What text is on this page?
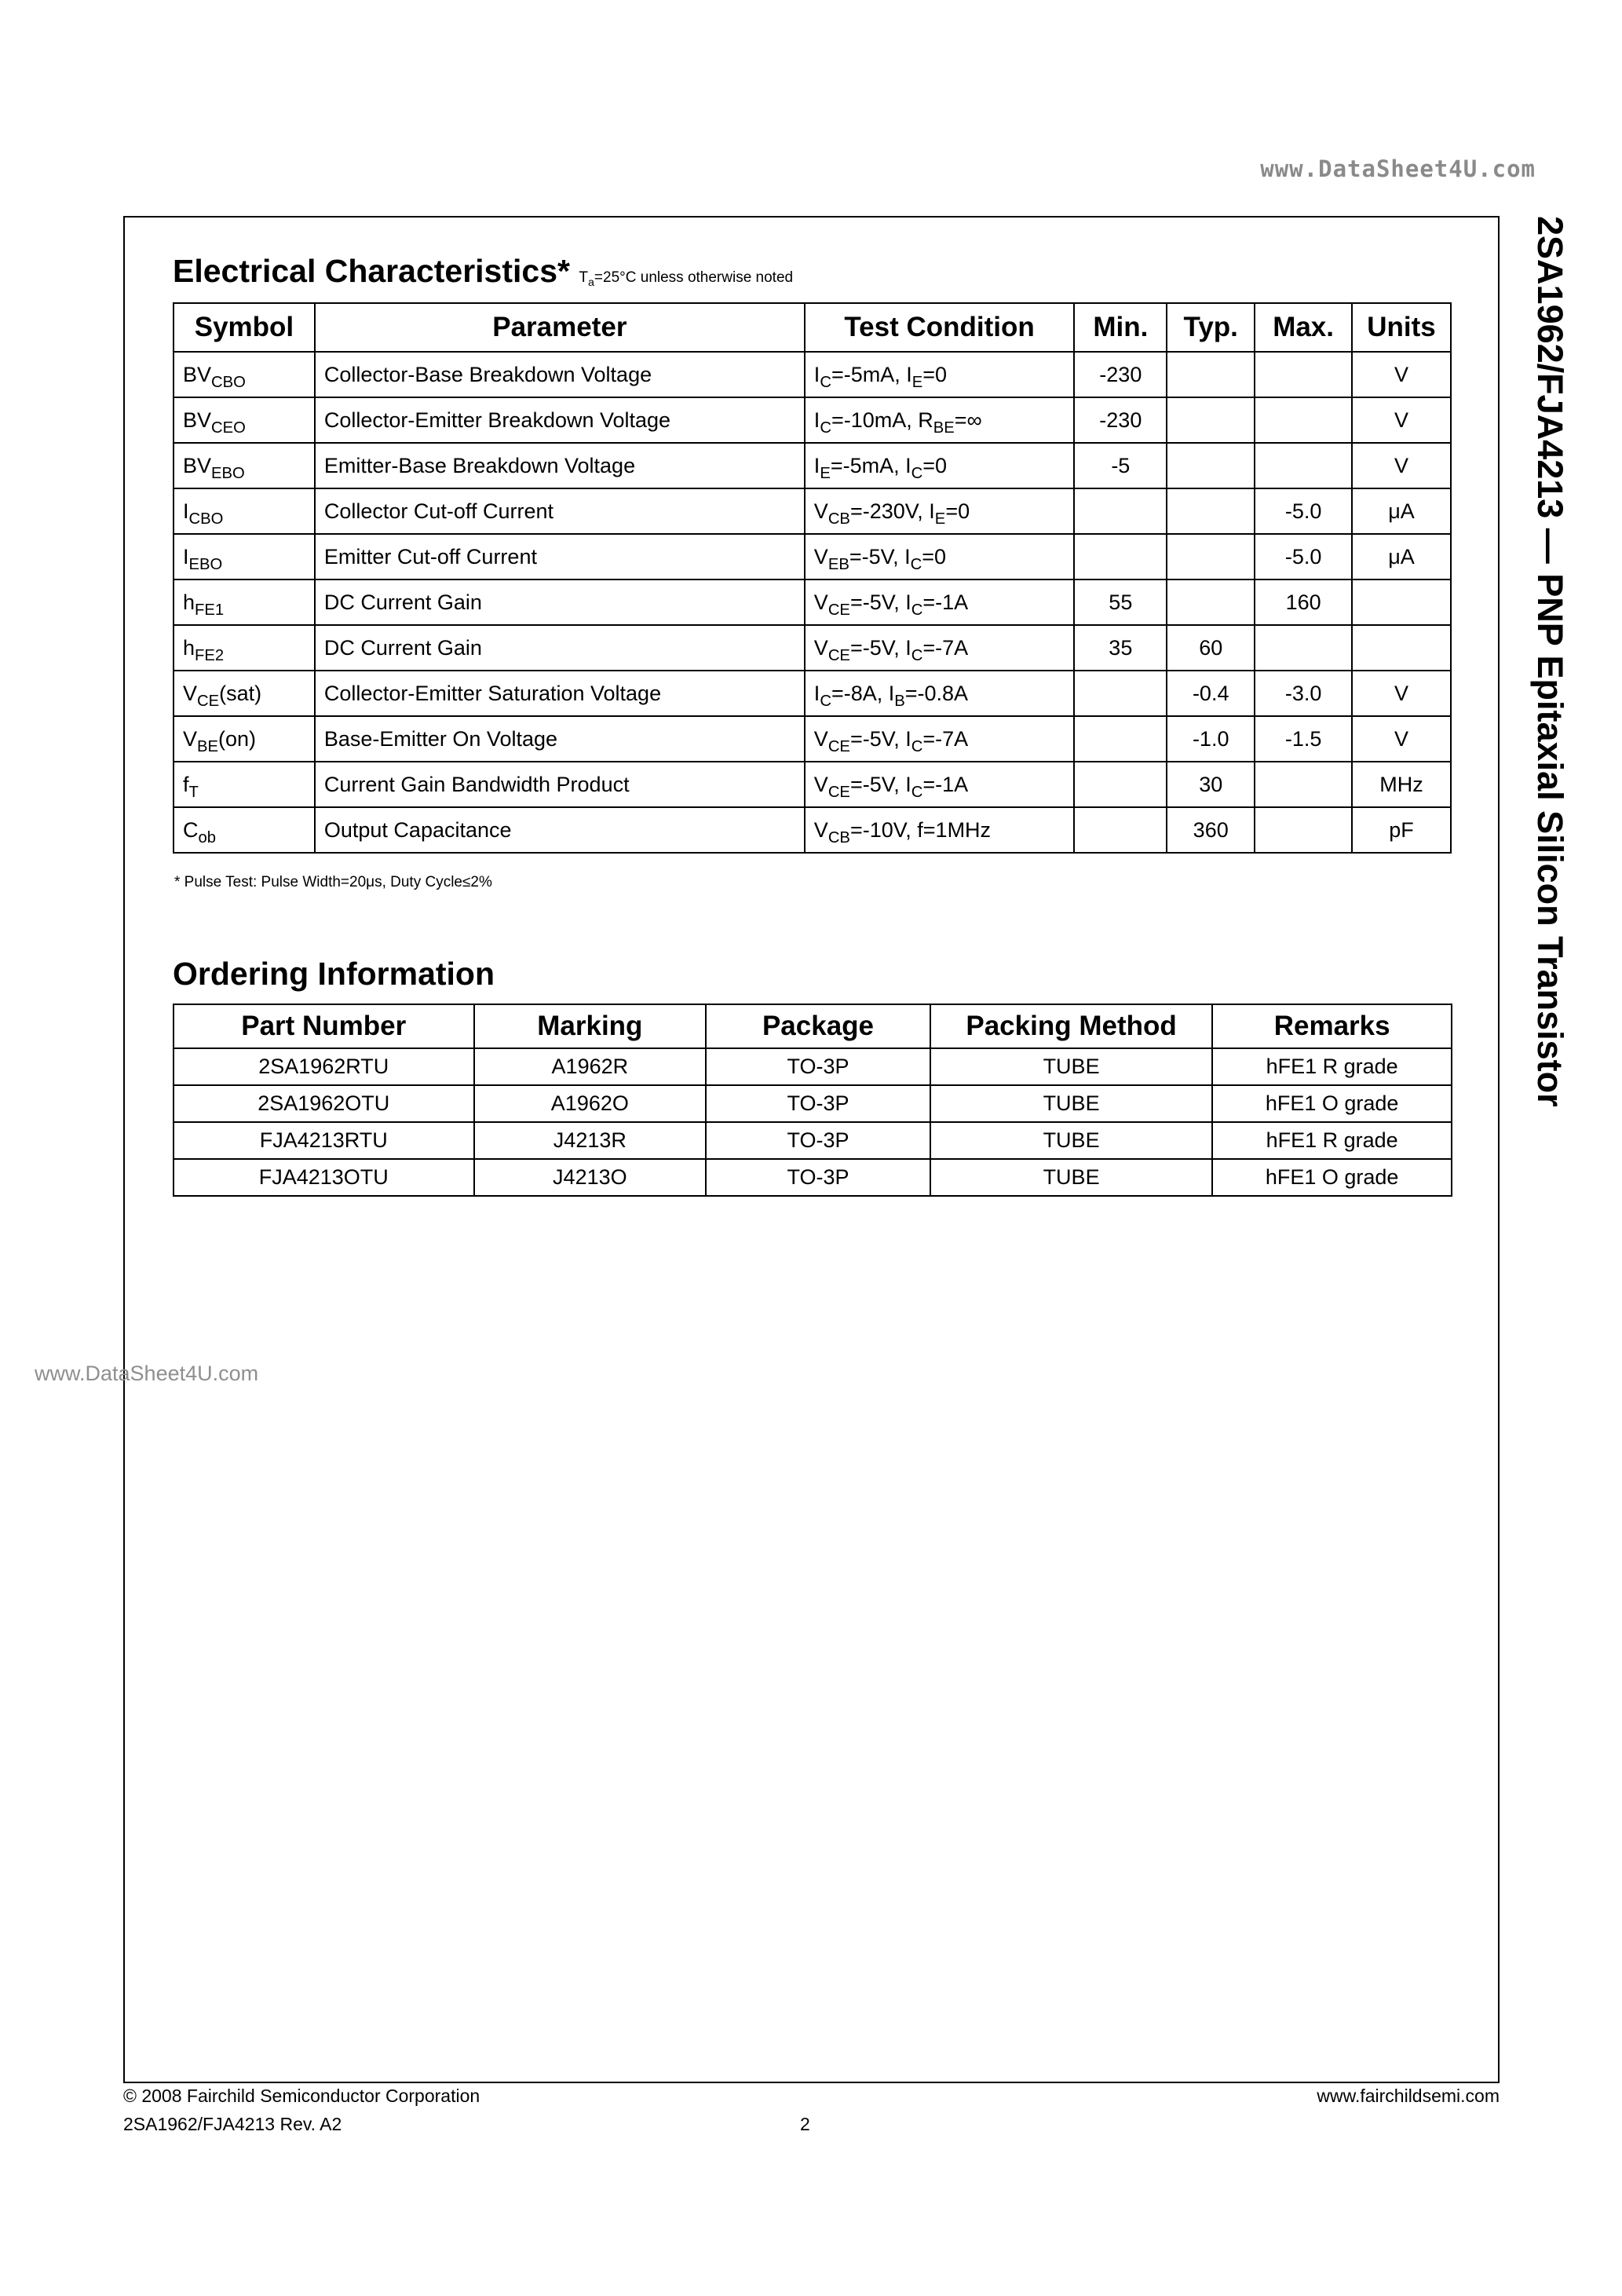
www.DataSheet4U.com
2SA1962/FJA4213 — PNP Epitaxial Silicon Transistor
Electrical Characteristics* $T_a=25^\circ C$ unless otherwise noted
Symbol	Parameter	Test Condition	Min.	Typ.	Max.	Units
$BV_{CBO}$	Collector-Base Breakdown Voltage	$I_C=-5mA$, $I_E=0$	-230			V
$BV_{CEO}$	Collector-Emitter Breakdown Voltage	$I_C=-10mA$, $R_{BE}=\infty$	-230			V
$BV_{EBO}$	Emitter-Base Breakdown Voltage	$I_E=-5mA$, $I_C=0$	-5			V
$I_{CBO}$	Collector Cut-off Current	$V_{CB}=-230V$, $I_E=0$			-5.0	μA
$I_{EBO}$	Emitter Cut-off Current	$V_{EB}=-5V$, $I_C=0$			-5.0	μA
$h_{FE1}$	DC Current Gain	$V_{CE}=-5V$, $I_C=-1A$	55		160	
$h_{FE2}$	DC Current Gain	$V_{CE}=-5V$, $I_C=-7A$	35	60		
$V_{CE}(sat)$	Collector-Emitter Saturation Voltage	$I_C=-8A$, $I_B=-0.8A$		-0.4	-3.0	V
$V_{BE}(on)$	Base-Emitter On Voltage	$V_{CE}=-5V$, $I_C=-7A$		-1.0	-1.5	V
$f_T$	Current Gain Bandwidth Product	$V_{CE}=-5V$, $I_C=-1A$		30		MHz
$C_{ob}$	Output Capacitance	$V_{CB}=-10V$, f=1MHz		360		pF
* Pulse Test: Pulse Width=20μs, Duty Cycle≤2%
Ordering Information
Part Number	Marking	Package	Packing Method	Remarks
2SA1962RTU	A1962R	TO-3P	TUBE	hFE1 R grade
2SA1962OTU	A1962O	TO-3P	TUBE	hFE1 O grade
FJA4213RTU	J4213R	TO-3P	TUBE	hFE1 R grade
FJA4213OTU	J4213O	TO-3P	TUBE	hFE1 O grade
www.DataSheet4U.com
© 2008 Fairchild Semiconductor Corporation
2SA1962/FJA4213 Rev. A2	2
www.fairchildsemi.com
